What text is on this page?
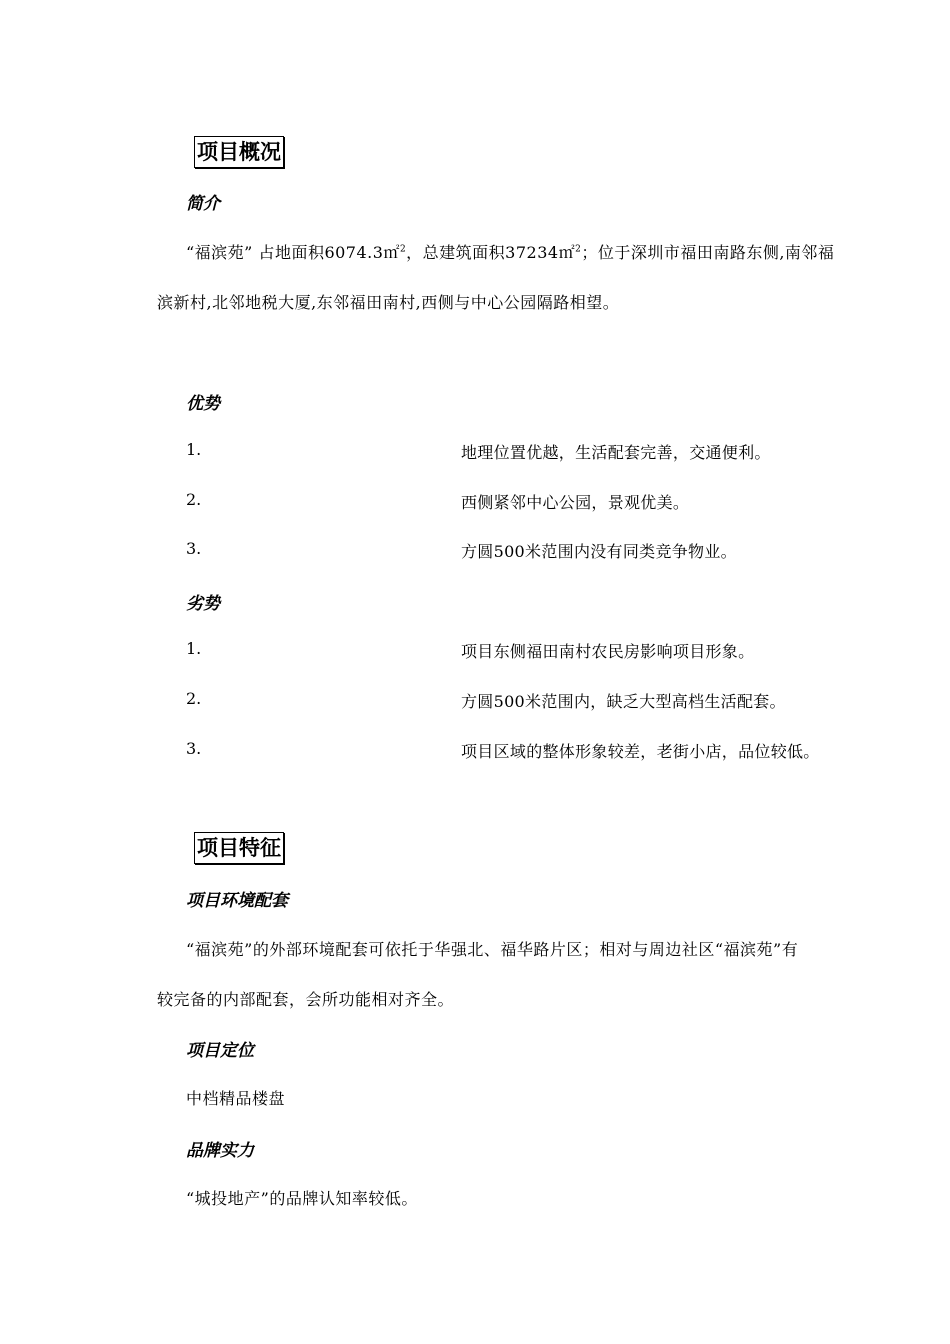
项目概况
简介
“福滨苑” 占地面积6074.3㎡$^2$，总建筑面积37234㎡$^2$；位于深圳市福田南路东侧,南邻福
滨新村,北邻地税大厦,东邻福田南村,西侧与中心公园隔路相望。
优势
1.	地理位置优越，生活配套完善，交通便利。
2.	西侧紧邻中心公园，景观优美。
3.	方圆500米范围内没有同类竞争物业。
劣势
1.	项目东侧福田南村农民房影响项目形象。
2.	方圆500米范围内，缺乏大型高档生活配套。
3.	项目区域的整体形象较差，老街小店，品位较低。
项目特征
项目环境配套
“福滨苑”的外部环境配套可依托于华强北、福华路片区；相对与周边社区“福滨苑”有
较完备的内部配套，会所功能相对齐全。
项目定位
中档精品楼盘
品牌实力
“城投地产”的品牌认知率较低。
